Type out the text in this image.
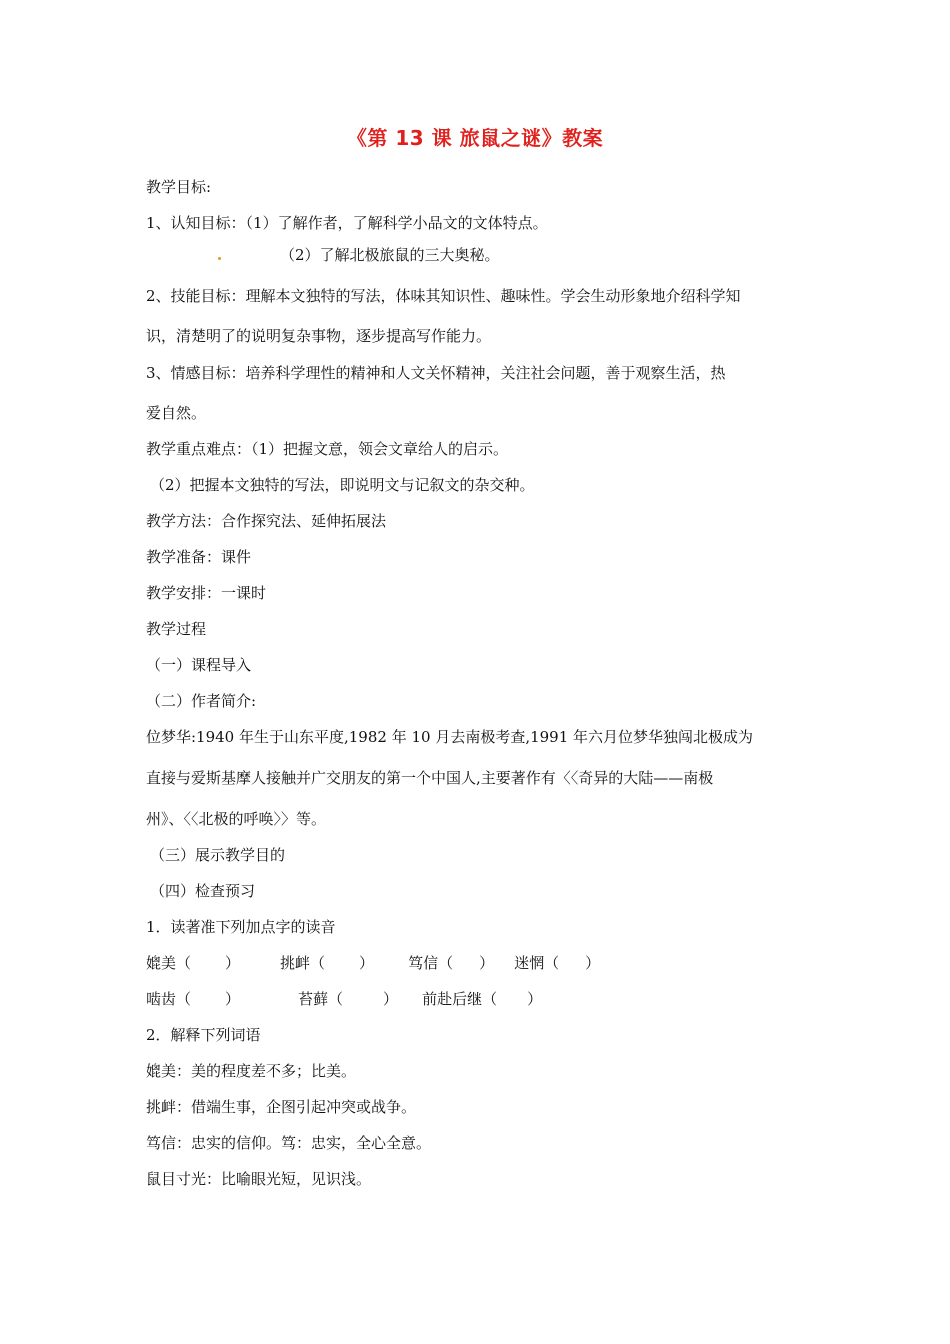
《第 13 课 旅鼠之谜》教案
教学目标:
1、认知目标：（1）了解作者，了解科学小品文的文体特点。
（2）了解北极旅鼠的三大奥秘。
2、技能目标：理解本文独特的写法，体味其知识性、趣味性。学会生动形象地介绍科学知
识，清楚明了的说明复杂事物，逐步提高写作能力。
3、情感目标：培养科学理性的精神和人文关怀精神，关注社会问题，善于观察生活，热
爱自然。
教学重点难点：（1）把握文意，领会文章给人的启示。
（2）把握本文独特的写法，即说明文与记叙文的杂交种。
教学方法：合作探究法、延伸拓展法
教学准备：课件
教学安排：一课时
教学过程
（一）课程导入
（二）作者简介:
位梦华:1940 年生于山东平度,1982 年 10 月去南极考查,1991 年六月位梦华独闯北极成为
直接与爱斯基摩人接触并广交朋友的第一个中国人,主要著作有〈〈奇异的大陆——南极
州》、〈〈北极的呼唤〉〉等。
（三）展示教学目的
（四）检查预习
1．读著准下列加点字的读音
媲美（ ）	挑衅（ ） 笃信（ ） 迷惘（ ）
啮齿（ ）	苔藓（	） 前赴后继（ ）
2．解释下列词语
媲美：美的程度差不多；比美。
挑衅：借端生事，企图引起冲突或战争。
笃信：忠实的信仰。笃：忠实，全心全意。
鼠目寸光：比喻眼光短，见识浅。
